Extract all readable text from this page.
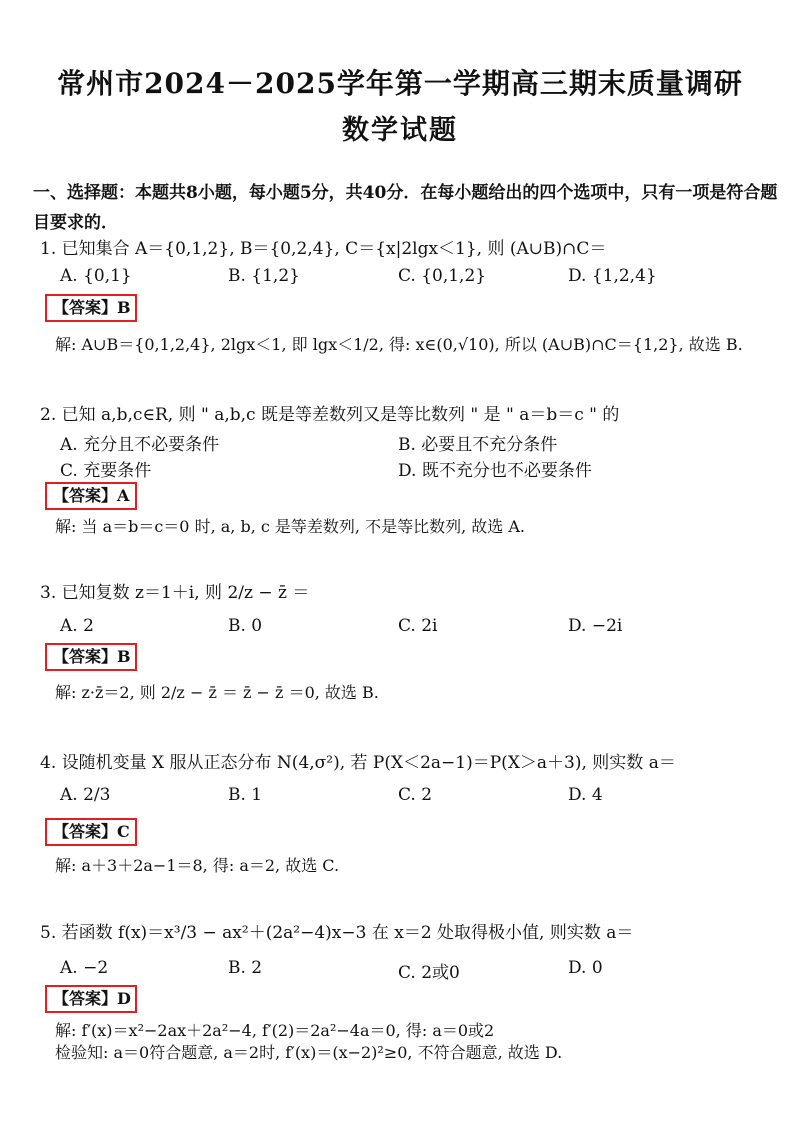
常州市2024－2025学年第一学期高三期末质量调研
数学试题
一、选择题：本题共8小题，每小题5分，共40分．在每小题给出的四个选项中，只有一项是符合题目要求的．
1. 已知集合 A＝{0,1,2}, B＝{0,2,4}, C＝{x|2lgx＜1}, 则 (A∪B)∩C＝
A. {0,1}	B. {1,2}	C. {0,1,2}	D. {1,2,4}
【答案】B
解: A∪B＝{0,1,2,4}, 2lgx＜1, 即 lgx＜1/2, 得: x∈(0,√10), 所以 (A∪B)∩C＝{1,2}, 故选 B.
2. 已知 a,b,c∈R, 则 " a,b,c 既是等差数列又是等比数列 " 是 " a＝b＝c " 的
A. 充分且不必要条件	B. 必要且不充分条件
C. 充要条件	D. 既不充分也不必要条件
【答案】A
解: 当 a＝b＝c＝0 时, a, b, c 是等差数列, 不是等比数列, 故选 A.
3. 已知复数 z＝1＋i, 则 2/z − z̄ ＝
A. 2	B. 0	C. 2i	D. −2i
【答案】B
解: z·z̄＝2, 则 2/z − z̄ ＝ z̄ − z̄ ＝0, 故选 B.
4. 设随机变量 X 服从正态分布 N(4,σ²), 若 P(X＜2a−1)＝P(X＞a＋3), 则实数 a＝
A. 2/3	B. 1	C. 2	D. 4
【答案】C
解: a＋3＋2a−1＝8, 得: a＝2, 故选 C.
5. 若函数 f(x)＝x³/3 − ax²＋(2a²−4)x−3 在 x＝2 处取得极小值, 则实数 a＝
A. −2	B. 2	C. 2或0	D. 0
【答案】D
解: f′(x)＝x²−2ax＋2a²−4, f′(2)＝2a²−4a＝0, 得: a＝0或2
检验知: a＝0符合题意, a＝2时, f′(x)＝(x−2)²≥0, 不符合题意, 故选 D.
